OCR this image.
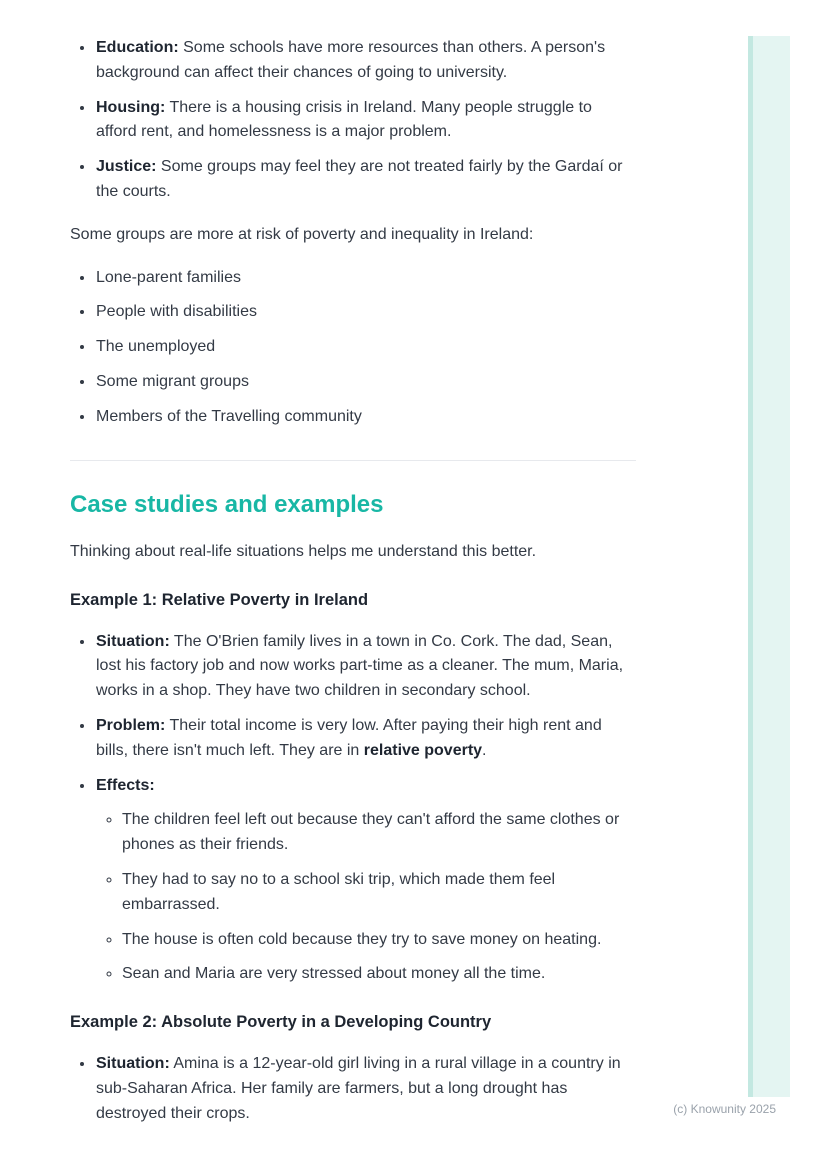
• Education: Some schools have more resources than others. A person's background can affect their chances of going to university.
• Housing: There is a housing crisis in Ireland. Many people struggle to afford rent, and homelessness is a major problem.
• Justice: Some groups may feel they are not treated fairly by the Gardaí or the courts.

Some groups are more at risk of poverty and inequality in Ireland:

• Lone-parent families
• People with disabilities
• The unemployed
• Some migrant groups
• Members of the Travelling community
Case studies and examples

Thinking about real-life situations helps me understand this better.

Example 1: Relative Poverty in Ireland
• Situation: The O'Brien family lives in a town in Co. Cork. The dad, Sean, lost his factory job and now works part-time as a cleaner. The mum, Maria, works in a shop. They have two children in secondary school.
• Problem: Their total income is very low. After paying their high rent and bills, there isn't much left. They are in relative poverty.
• Effects:
◦ The children feel left out because they can't afford the same clothes or phones as their friends.
◦ They had to say no to a school ski trip, which made them feel embarrassed.
◦ The house is often cold because they try to save money on heating.
◦ Sean and Maria are very stressed about money all the time.
Example 2: Absolute Poverty in a Developing Country
• Situation: Amina is a 12-year-old girl living in a rural village in a country in sub-Saharan Africa. Her family are farmers, but a long drought has destroyed their crops.	(c) Knowunity 2025
